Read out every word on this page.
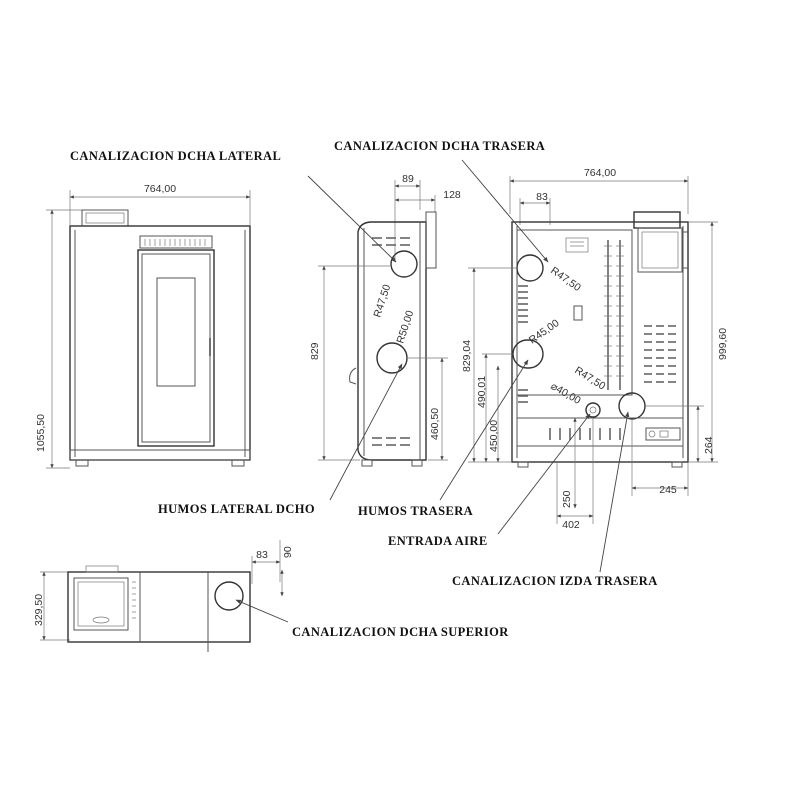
764,00
1055,50
89
128
R47,50
R50,00
829
460,50
764,00
83
R47,50
R45,00
R47,50
⌀40,00
829,04
490,01
450,00
999,60
264
250
402
245
83 90
329,50
CANALIZACION DCHA LATERAL
CANALIZACION DCHA TRASERA
HUMOS LATERAL DCHO	HUMOS TRASERA
ENTRADA AIRE
CANALIZACION IZDA TRASERA
CANALIZACION DCHA SUPERIOR
